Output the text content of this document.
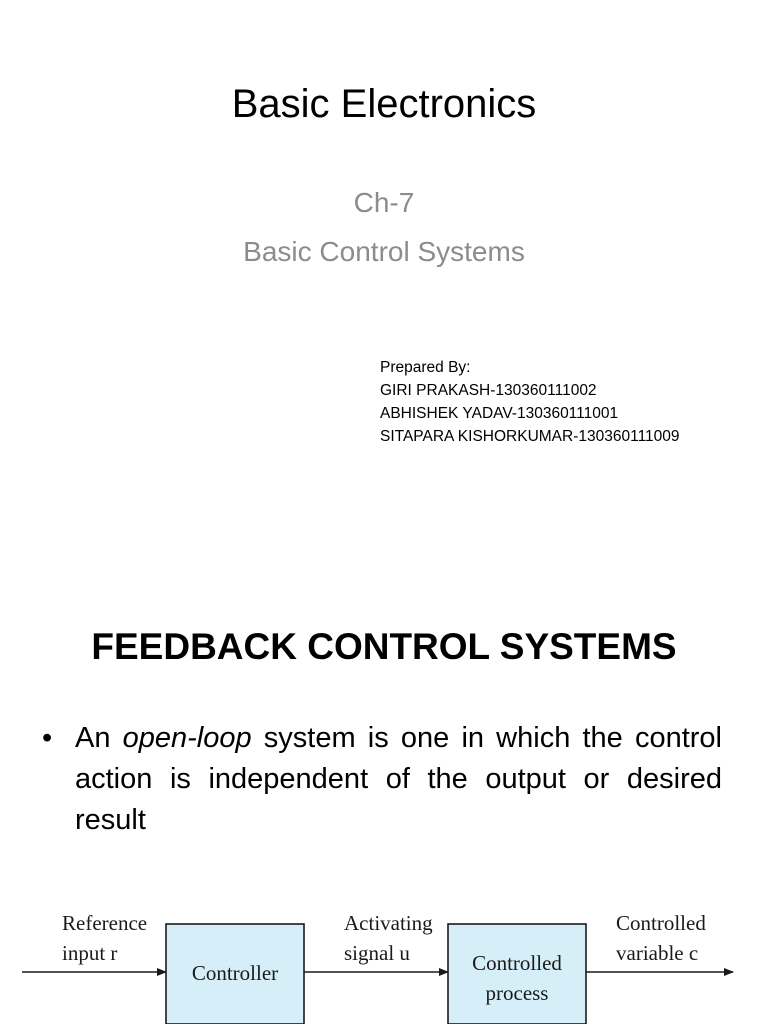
Basic Electronics

Ch-7

Basic Control Systems

Prepared By:
GIRI PRAKASH-130360111002
ABHISHEK YADAV-130360111001
SITAPARA KISHORKUMAR-130360111009
FEEDBACK CONTROL SYSTEMS
• An open-loop system is one in which the control action is independent of the output or desired result
Reference
input r
Controller
Activating
signal u	Controlled
process
Controlled
variable c
